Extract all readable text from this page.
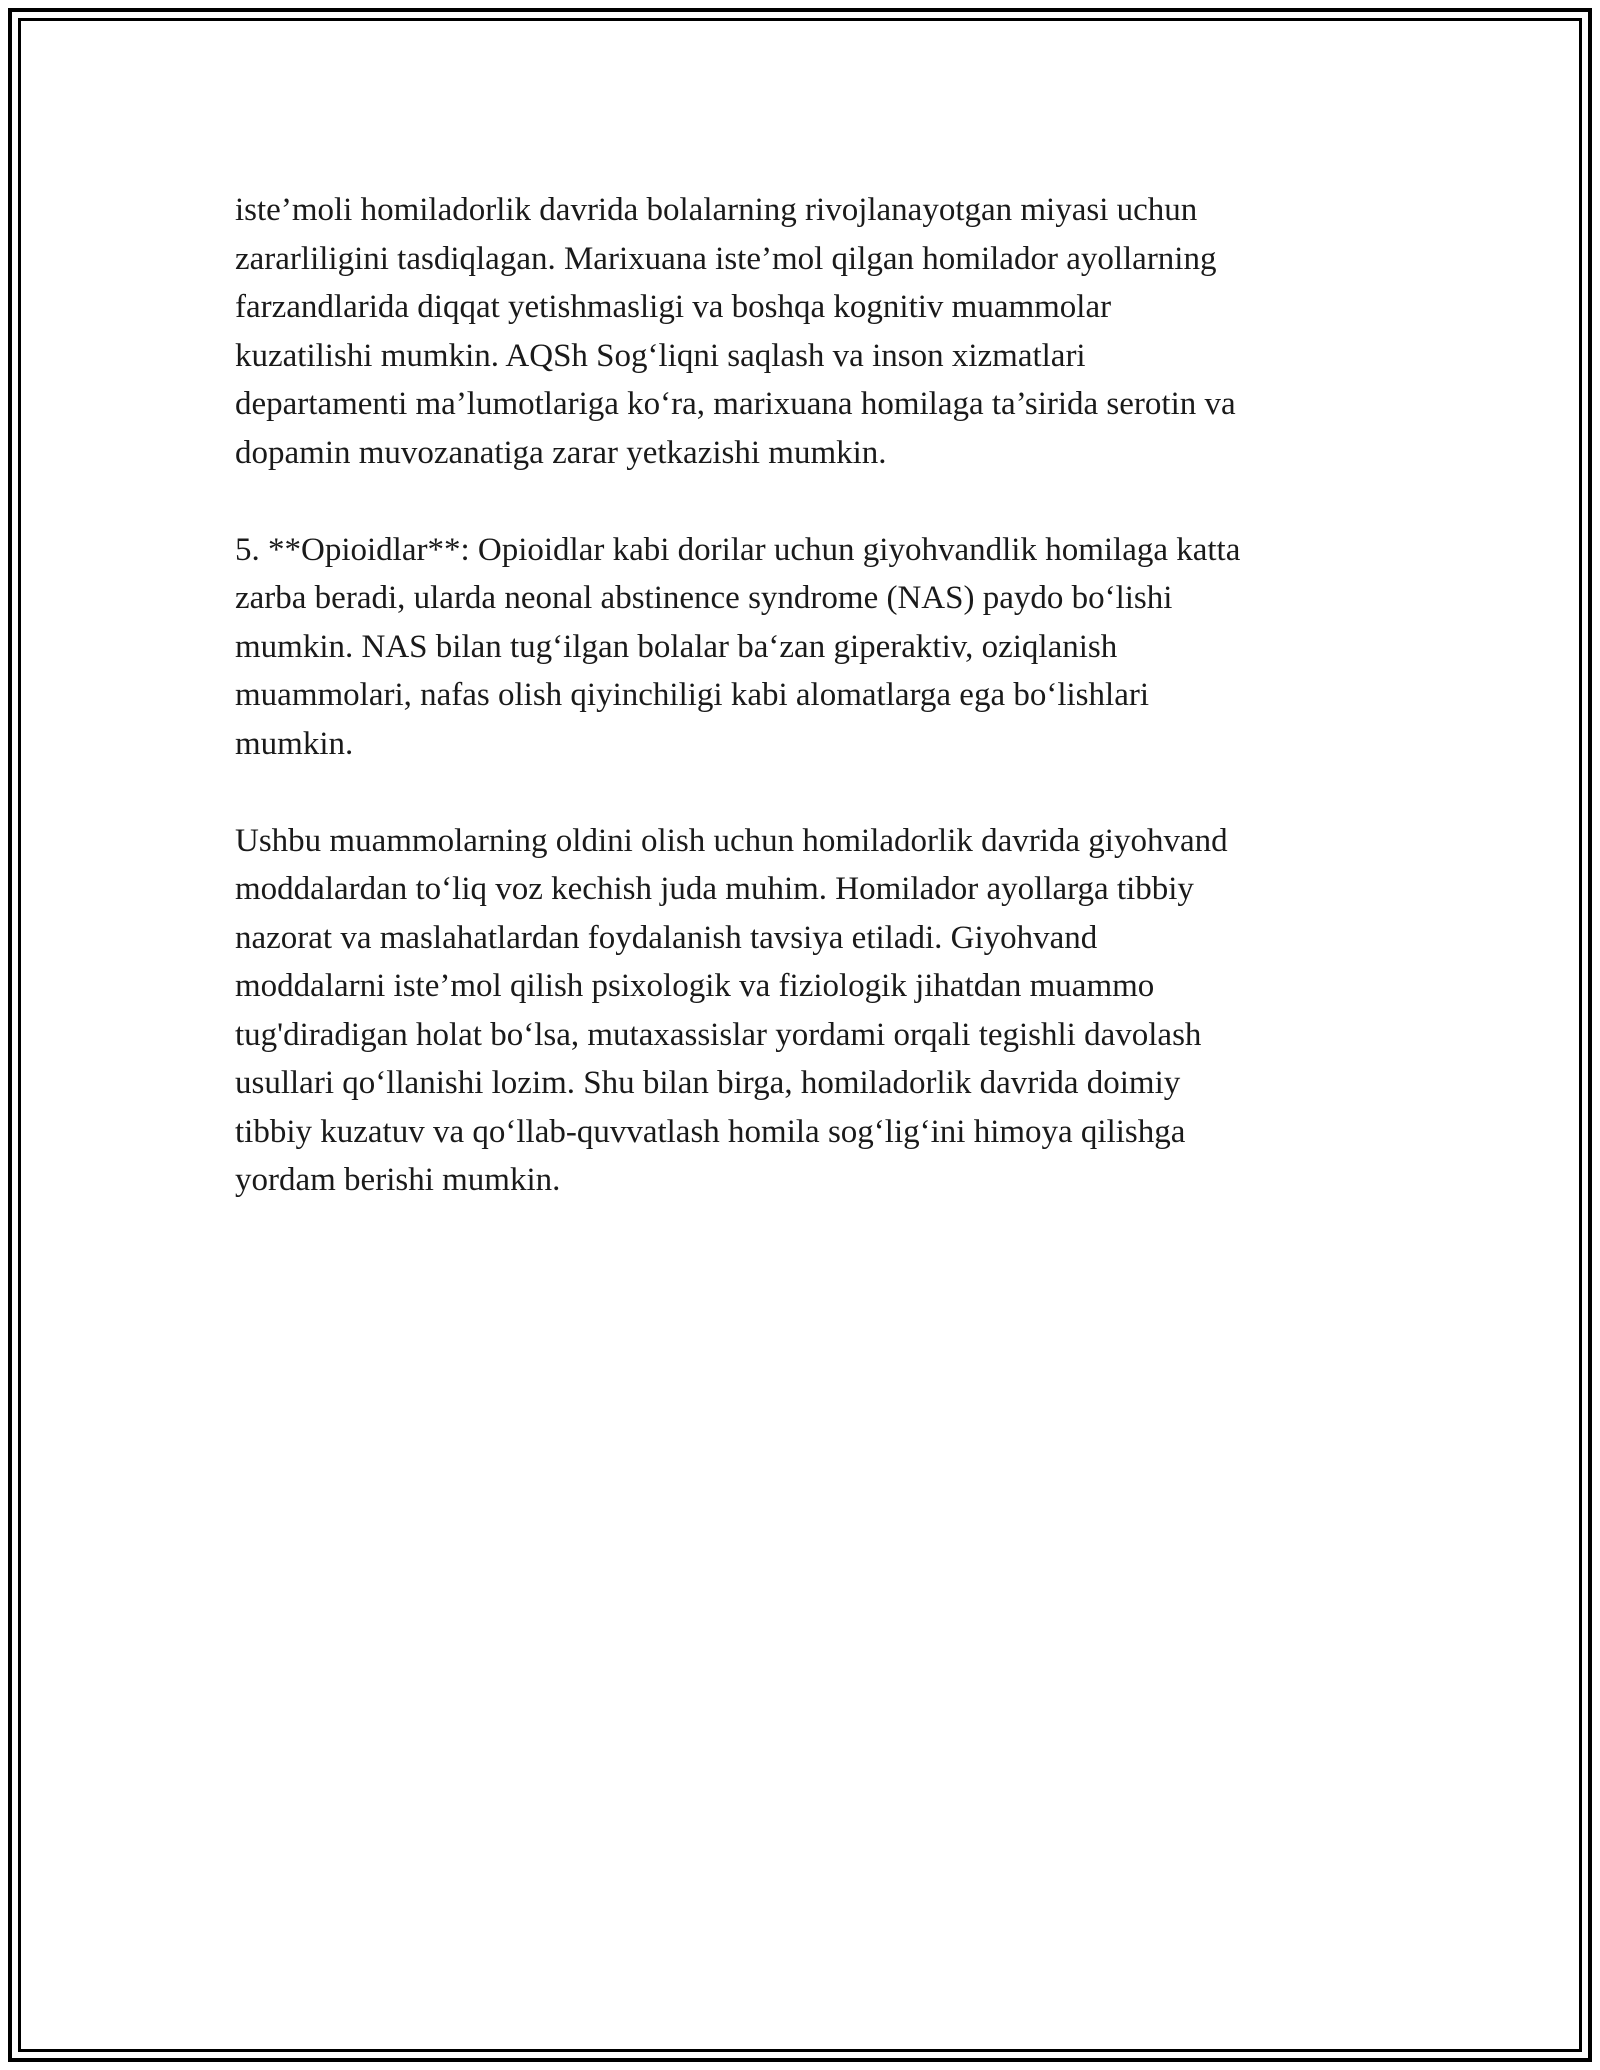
iste’moli homiladorlik davrida bolalarning rivojlanayotgan miyasi uchun
zararliligini tasdiqlagan. Marixuana iste’mol qilgan homilador ayollarning
farzandlarida diqqat yetishmasligi va boshqa kognitiv muammolar
kuzatilishi mumkin. AQSh Sog‘liqni saqlash va inson xizmatlari
departamenti ma’lumotlariga ko‘ra, marixuana homilaga ta’sirida serotin va
dopamin muvozanatiga zarar yetkazishi mumkin.

5. **Opioidlar**: Opioidlar kabi dorilar uchun giyohvandlik homilaga katta
zarba beradi, ularda neonal abstinence syndrome (NAS) paydo bo‘lishi
mumkin. NAS bilan tug‘ilgan bolalar ba‘zan giperaktiv, oziqlanish
muammolari, nafas olish qiyinchiligi kabi alomatlarga ega bo‘lishlari
mumkin.

Ushbu muammolarning oldini olish uchun homiladorlik davrida giyohvand
moddalardan to‘liq voz kechish juda muhim. Homilador ayollarga tibbiy
nazorat va maslahatlardan foydalanish tavsiya etiladi. Giyohvand
moddalarni iste’mol qilish psixologik va fiziologik jihatdan muammo
tug'diradigan holat bo‘lsa, mutaxassislar yordami orqali tegishli davolash
usullari qo‘llanishi lozim. Shu bilan birga, homiladorlik davrida doimiy
tibbiy kuzatuv va qo‘llab-quvvatlash homila sog‘lig‘ini himoya qilishga
yordam berishi mumkin.
